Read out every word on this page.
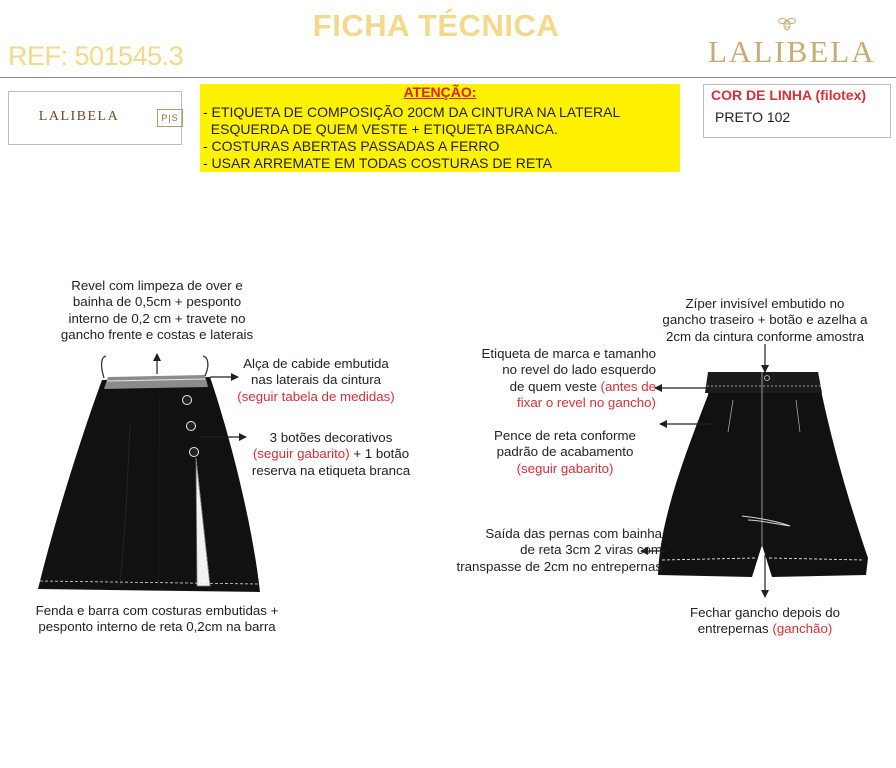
FICHA TÉCNICA
REF: 501545.3	LALIBELA
LALIBELA	P|S
ATENÇÃO:
- ETIQUETA DE COMPOSIÇÃO 20CM DA CINTURA NA LATERAL
ESQUERDA DE QUEM VESTE + ETIQUETA BRANCA.
- COSTURAS ABERTAS PASSADAS A FERRO
- USAR ARREMATE EM TODAS COSTURAS DE RETA
COR DE LINHA (filotex)
PRETO 102
Revel com limpeza de over e
bainha de 0,5cm + pesponto
interno de 0,2 cm + travete no
gancho frente e costas e laterais
Alça de cabide embutida
nas laterais da cintura
(seguir tabela de medidas)
3 botões decorativos
(seguir gabarito) + 1 botão
reserva na etiqueta branca
Fenda e barra com costuras embutidas +
pesponto interno de reta 0,2cm na barra
Zíper invisível embutido no
gancho traseiro + botão e azelha a
2cm da cintura conforme amostra
Etiqueta de marca e tamanho
no revel do lado esquerdo
de quem veste (antes de
fixar o revel no gancho)
Pence de reta conforme
padrão de acabamento
(seguir gabarito)
Saída das pernas com bainha
de reta 3cm 2 viras com
transpasse de 2cm no entrepernas
Fechar gancho depois do
entrepernas (ganchão)
